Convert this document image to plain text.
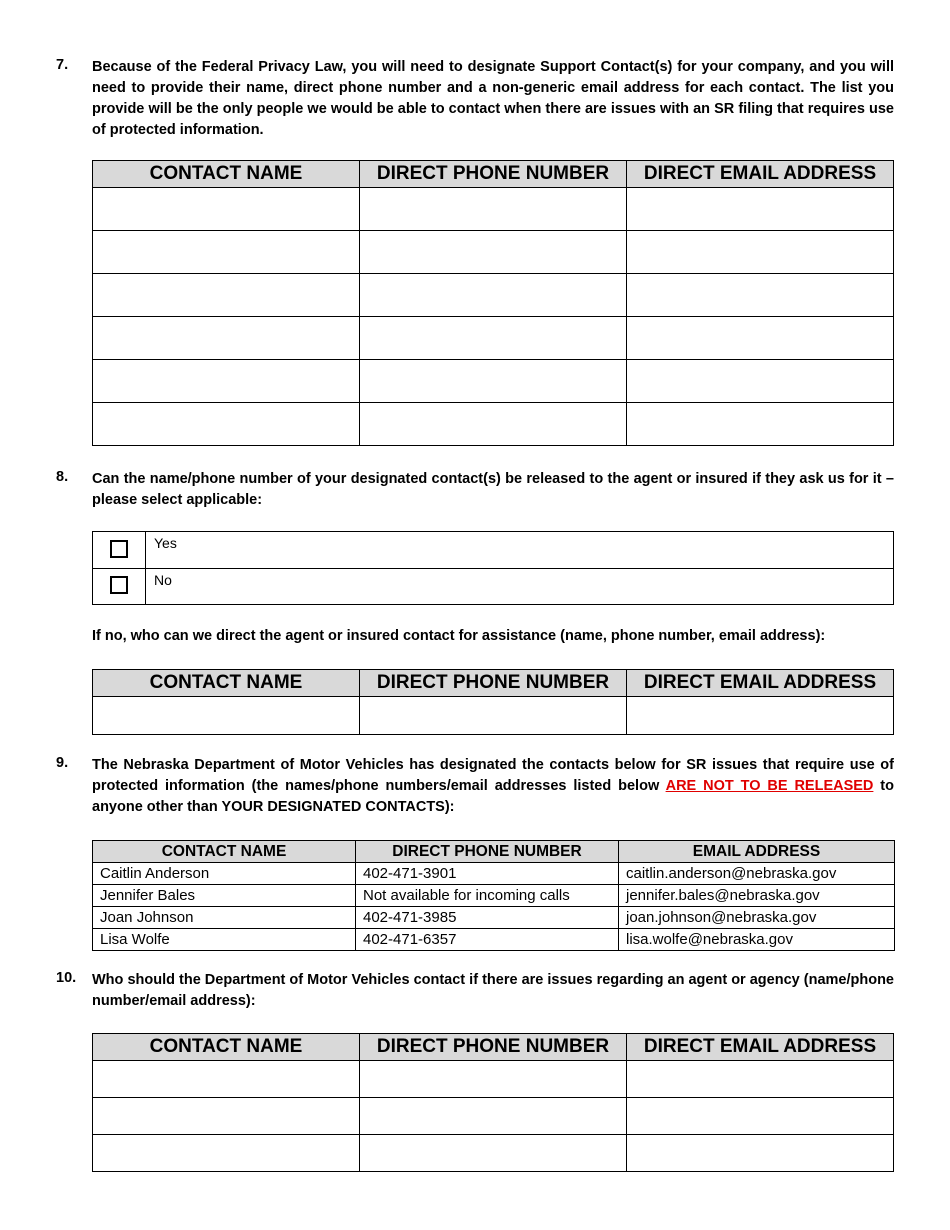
7. Because of the Federal Privacy Law, you will need to designate Support Contact(s) for your company, and you will need to provide their name, direct phone number and a non-generic email address for each contact. The list you provide will be the only people we would be able to contact when there are issues with an SR filing that requires use of protected information.
CONTACT NAME	DIRECT PHONE NUMBER	DIRECT EMAIL ADDRESS

8. Can the name/phone number of your designated contact(s) be released to the agent or insured if they ask us for it – please select applicable:
	Yes
	No
If no, who can we direct the agent or insured contact for assistance (name, phone number, email address):
CONTACT NAME	DIRECT PHONE NUMBER	DIRECT EMAIL ADDRESS

9. The Nebraska Department of Motor Vehicles has designated the contacts below for SR issues that require use of protected information (the names/phone numbers/email addresses listed below ARE NOT TO BE RELEASED to anyone other than YOUR DESIGNATED CONTACTS):
CONTACT NAME	DIRECT PHONE NUMBER	EMAIL ADDRESS
Caitlin Anderson	402-471-3901	caitlin.anderson@nebraska.gov
Jennifer Bales	Not available for incoming calls	jennifer.bales@nebraska.gov
Joan Johnson	402-471-3985	joan.johnson@nebraska.gov
Lisa Wolfe	402-471-6357	lisa.wolfe@nebraska.gov
10. Who should the Department of Motor Vehicles contact if there are issues regarding an agent or agency (name/phone number/email address):
CONTACT NAME	DIRECT PHONE NUMBER	DIRECT EMAIL ADDRESS
